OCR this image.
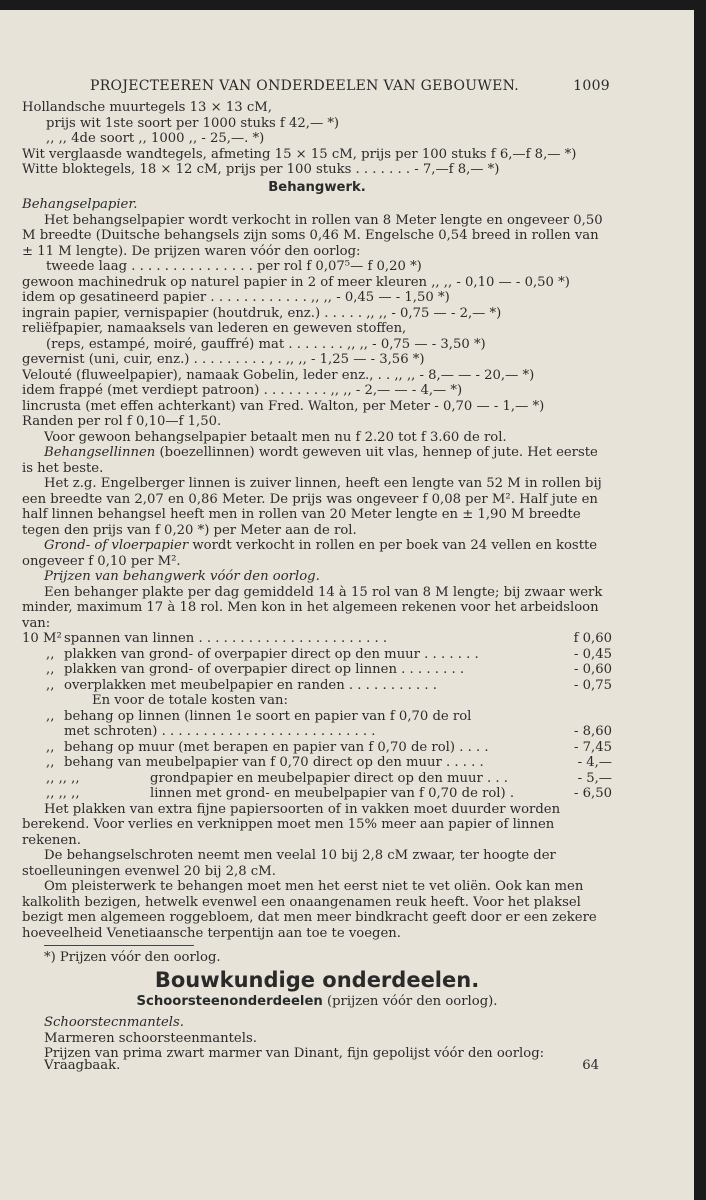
PROJECTEEREN VAN ONDERDEELEN VAN GEBOUWEN.	1009
Hollandsche muurtegels 13 × 13 cM,
prijs wit 1ste soort per 1000 stuks f 42,— *)
,, ,, 4de soort ,, 1000 ,, - 25,—. *)
Wit verglaasde wandtegels, afmeting 15 × 15 cM, prijs per 100 stuks f 6,—f 8,— *)
Witte bloktegels, 18 × 12 cM, prijs per 100 stuks . . . . . . . - 7,—f 8,— *)
Behangwerk.
Behangselpapier.
Het behangselpapier wordt verkocht in rollen van 8 Meter lengte en ongeveer 0,50 M breedte (Duitsche behangsels zijn soms 0,46 M. Engelsche 0,54 breed in rollen van ± 11 M lengte). De prijzen waren vóór den oorlog:
tweede laag . . . . . . . . . . . . . . . per rol f 0,07⁵— f 0,20 *)
gewoon machinedruk op naturel papier in 2 of meer kleuren ,, ,, - 0,10 — - 0,50 *)
idem op gesatineerd papier . . . . . . . . . . . . ,, ,, - 0,45 — - 1,50 *)
ingrain papier, vernispapier (houtdruk, enz.) . . . . . ,, ,, - 0,75 — - 2,— *)
reliëfpapier, namaaksels van lederen en geweven stoffen,
(reps, estampé, moiré, gauffré) mat . . . . . . . ,, ,, - 0,75 — - 3,50 *)
gevernist (uni, cuir, enz.) . . . . . . . . . , . ,, ,, - 1,25 — - 3,56 *)
Velouté (fluweelpapier), namaak Gobelin, leder enz., . . ,, ,, - 8,— — - 20,— *)
idem frappé (met verdiept patroon) . . . . . . . . ,, ,, - 2,— — - 4,— *)
lincrusta (met effen achterkant) van Fred. Walton, per Meter - 0,70 — - 1,— *)
Randen per rol f 0,10—f 1,50.
Voor gewoon behangselpapier betaalt men nu f 2.20 tot f 3.60 de rol.
Behangsellinnen (boezellinnen) wordt geweven uit vlas, hennep of jute. Het eerste is het beste.
Het z.g. Engelberger linnen is zuiver linnen, heeft een lengte van 52 M in rollen bij een breedte van 2,07 en 0,86 Meter. De prijs was ongeveer f 0,08 per M². Half jute en half linnen behangsel heeft men in rollen van 20 Meter lengte en ± 1,90 M breedte tegen den prijs van f 0,20 *) per Meter aan de rol.
Grond- of vloerpapier wordt verkocht in rollen en per boek van 24 vellen en kostte ongeveer f 0,10 per M².
Prijzen van behangwerk vóór den oorlog.
Een behanger plakte per dag gemiddeld 14 à 15 rol van 8 M lengte; bij zwaar werk minder, maximum 17 à 18 rol. Men kon in het algemeen rekenen voor het arbeidsloon van:
10 M² spannen van linnen . . . . . . . . . . . . . . . . . . . . . . .	f 0,60
,, plakken van grond- of overpapier direct op den muur . . . . . . .	- 0,45
,, plakken van grond- of overpapier direct op linnen . . . . . . . .	- 0,60
,, overplakken met meubelpapier en randen . . . . . . . . . . .	- 0,75
En voor de totale kosten van:
,, behang op linnen (linnen 1e soort en papier van f 0,70 de rol
met schroten) . . . . . . . . . . . . . . . . . . . . . . . . . .	- 8,60
,, behang op muur (met berapen en papier van f 0,70 de rol) . . . .	- 7,45
,, behang van meubelpapier van f 0,70 direct op den muur . . . . .	- 4,—
,, ,, ,,	grondpapier en meubelpapier direct op den muur . . .	- 5,—
,, ,, ,,	linnen met grond- en meubelpapier van f 0,70 de rol) .	- 6,50
Het plakken van extra fijne papiersoorten of in vakken moet duurder worden berekend. Voor verlies en verknippen moet men 15% meer aan papier of linnen rekenen.
De behangselschroten neemt men veelal 10 bij 2,8 cM zwaar, ter hoogte der stoelleuningen evenwel 20 bij 2,8 cM.
Om pleisterwerk te behangen moet men het eerst niet te vet oliën. Ook kan men kalkolith bezigen, hetwelk evenwel een onaangenamen reuk heeft. Voor het plaksel bezigt men algemeen roggebloem, dat men meer bindkracht geeft door er een zekere hoeveelheid Venetiaansche terpentijn aan toe te voegen.
*) Prijzen vóór den oorlog.
Bouwkundige onderdeelen.
Schoorsteenonderdeelen (prijzen vóór den oorlog).
Schoorstecnmantels.
Marmeren schoorsteenmantels.
Prijzen van prima zwart marmer van Dinant, fijn gepolijst vóór den oorlog:
Vraagbaak.	64
